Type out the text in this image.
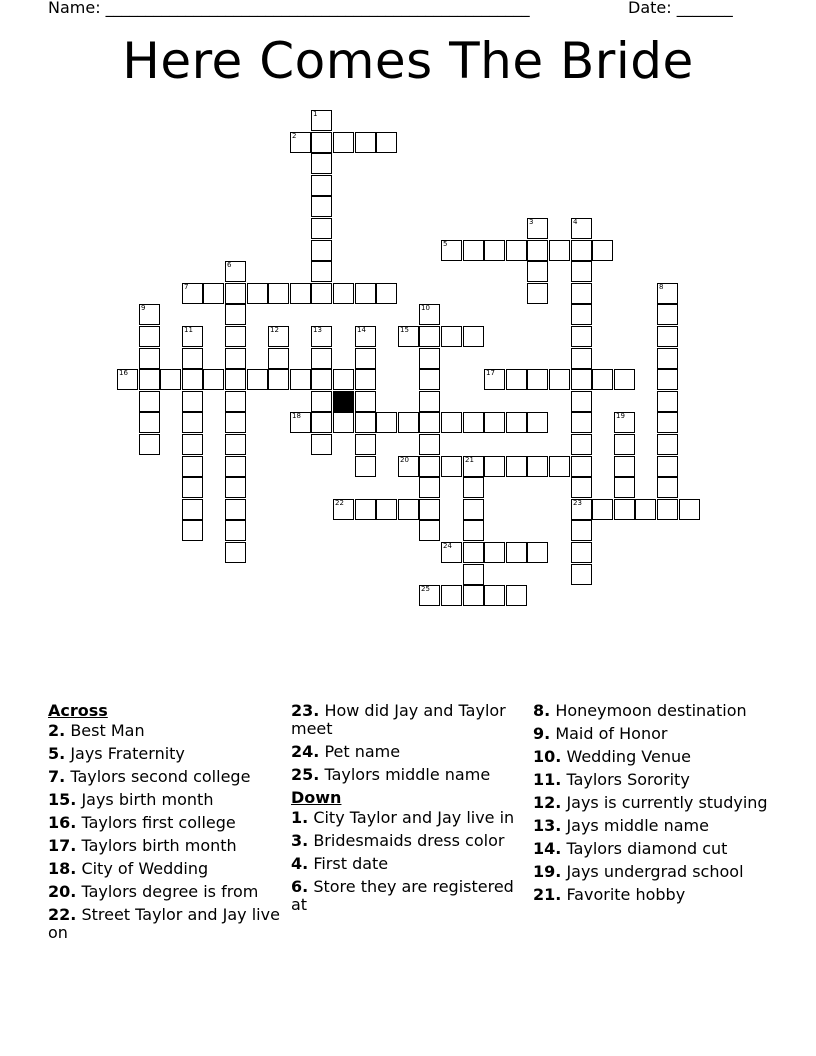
Name: _____________________________________________________	Date: _______
Here Comes The Bride
2
5
7
15
16	17
18
20	21
22	23
24
25
1
3	4
6
8
9	10
11	12	13	14
19
Across
2. Best Man
5. Jays Fraternity
7. Taylors second college
15. Jays birth month
16. Taylors first college
17. Taylors birth month
18. City of Wedding
20. Taylors degree is from
22. Street Taylor and Jay live on
23. How did Jay and Taylor meet
24. Pet name
25. Taylors middle name
Down
1. City Taylor and Jay live in
3. Bridesmaids dress color
4. First date
6. Store they are registered at
8. Honeymoon destination
9. Maid of Honor
10. Wedding Venue
11. Taylors Sorority
12. Jays is currently studying
13. Jays middle name
14. Taylors diamond cut
19. Jays undergrad school
21. Favorite hobby
